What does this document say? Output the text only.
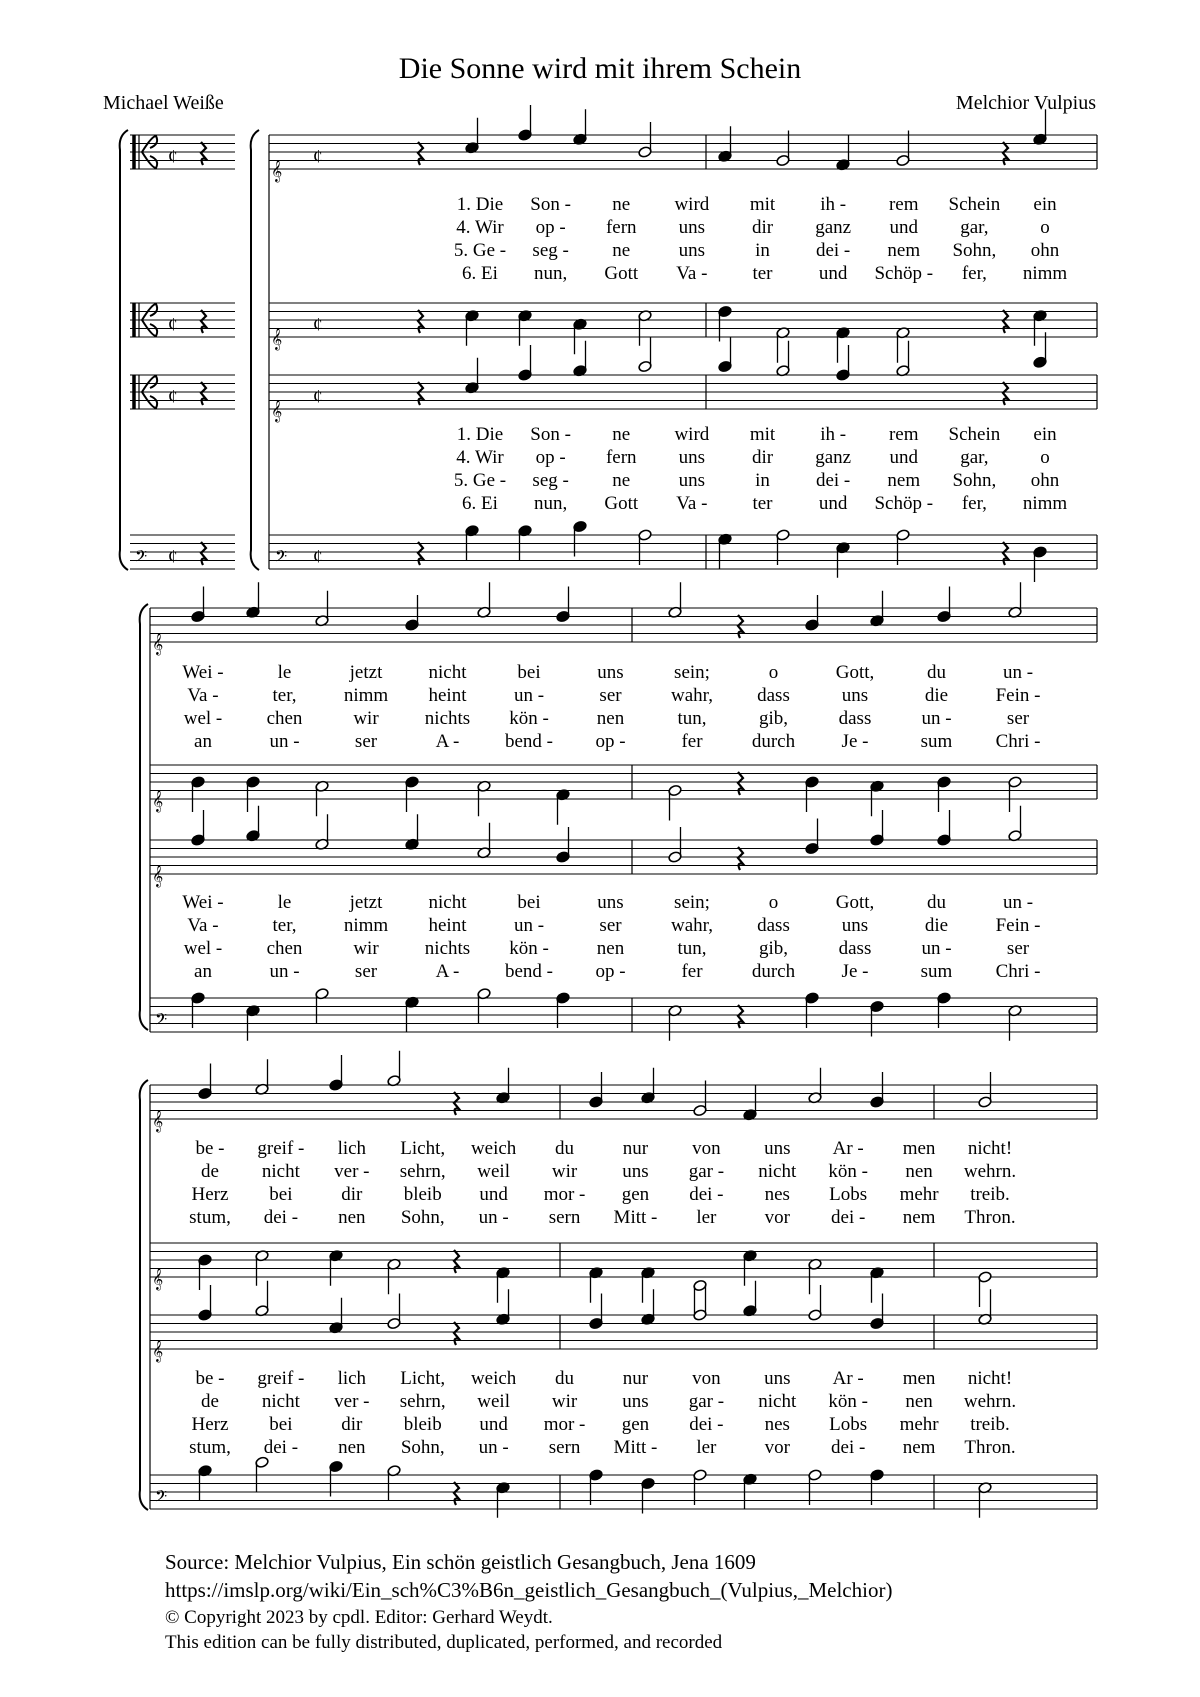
Die Sonne wird mit ihrem Schein
Michael Weiße	Melchior Vulpius
¢
¢
¢
𝄢 ¢
𝄞
¢
𝄞
¢
𝄞
¢
𝄢 ¢
𝄞
𝄞
𝄞
𝄢
𝄞
𝄞
𝄞
𝄢
1. Die Son - ne wird mit ih - rem Schein ein
4. Wir op - fern uns dir ganz und gar,	o
5. Ge - seg - ne	uns	in dei - nem Sohn, ohn
6. Ei nun, Gott Va - ter und Schöp - fer, nimm
1. Die Son - ne wird mit ih - rem Schein ein
4. Wir op - fern uns dir ganz und gar,	o
5. Ge - seg - ne	uns	in dei - nem Sohn, ohn
6. Ei nun, Gott Va - ter und Schöp - fer, nimm
Wei -	le	jetzt nicht	bei	uns	sein;	o	Gott,	du	un -
Va -	ter, nimm heint un -	ser	wahr, dass	uns	die Fein -
wel - chen	wir nichts kön -	nen	tun,	gib,	dass	un -	ser
an	un -	ser	A - bend - op -	fer	durch Je -	sum Chri -
Wei -	le	jetzt nicht	bei	uns	sein;	o	Gott,	du	un -
Va -	ter, nimm heint un -	ser	wahr, dass	uns	die Fein -
wel - chen	wir nichts kön -	nen	tun,	gib,	dass	un -	ser
an	un -	ser	A - bend - op -	fer	durch Je -	sum Chri -
be - greif - lich Licht, weich du	nur von uns Ar - men nicht!
de nicht ver - sehrn, weil wir uns gar - nicht kön - nen wehrn.
Herz bei	dir bleib und mor - gen dei - nes Lobs mehr treib.
stum, dei - nen Sohn, un - sern Mitt - ler	vor dei - nem Thron.
be - greif - lich Licht, weich du	nur von uns Ar - men nicht!
de nicht ver - sehrn, weil wir uns gar - nicht kön - nen wehrn.
Herz bei	dir bleib und mor - gen dei - nes Lobs mehr treib.
stum, dei - nen Sohn, un - sern Mitt - ler	vor dei - nem Thron.
Source: Melchior Vulpius, Ein schön geistlich Gesangbuch, Jena 1609
https://imslp.org/wiki/Ein_sch%C3%B6n_geistlich_Gesangbuch_(Vulpius,_Melchior)
© Copyright 2023 by cpdl. Editor: Gerhard Weydt.
This edition can be fully distributed, duplicated, performed, and recorded
